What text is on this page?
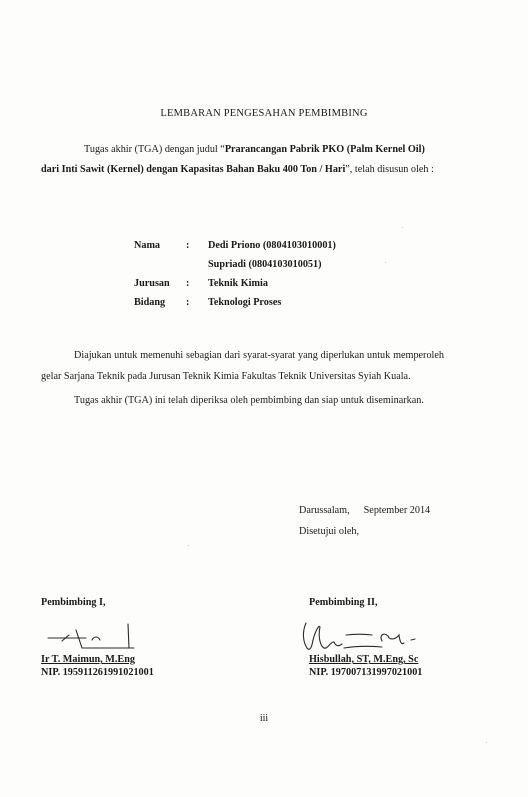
LEMBARAN PENGESAHAN PEMBIMBING
Tugas akhir (TGA) dengan judul “Prarancangan Pabrik PKO (Palm Kernel Oil) dari Inti Sawit (Kernel) dengan Kapasitas Bahan Baku 400 Ton / Hari”, telah disusun oleh :
Nama	: Dedi Priono (0804103010001)
Supriadi (0804103010051)
Jurusan : Teknik Kimia
Bidang : Teknologi Proses

Diajukan untuk memenuhi sebagian dari syarat-syarat yang diperlukan untuk memperoleh gelar Sarjana Teknik pada Jurusan Teknik Kimia Fakultas Teknik Universitas Syiah Kuala.

Tugas akhir (TGA) ini telah diperiksa oleh pembimbing dan siap untuk diseminarkan.

Darussalam, September 2014
Disetujui oleh,
Pembimbing I,	Pembimbing II,
Ir T. Maimun, M.Eng
NIP. 195911261991021001
Hisbullah, ST, M.Eng, Sc
NIP. 197007131997021001
iii
